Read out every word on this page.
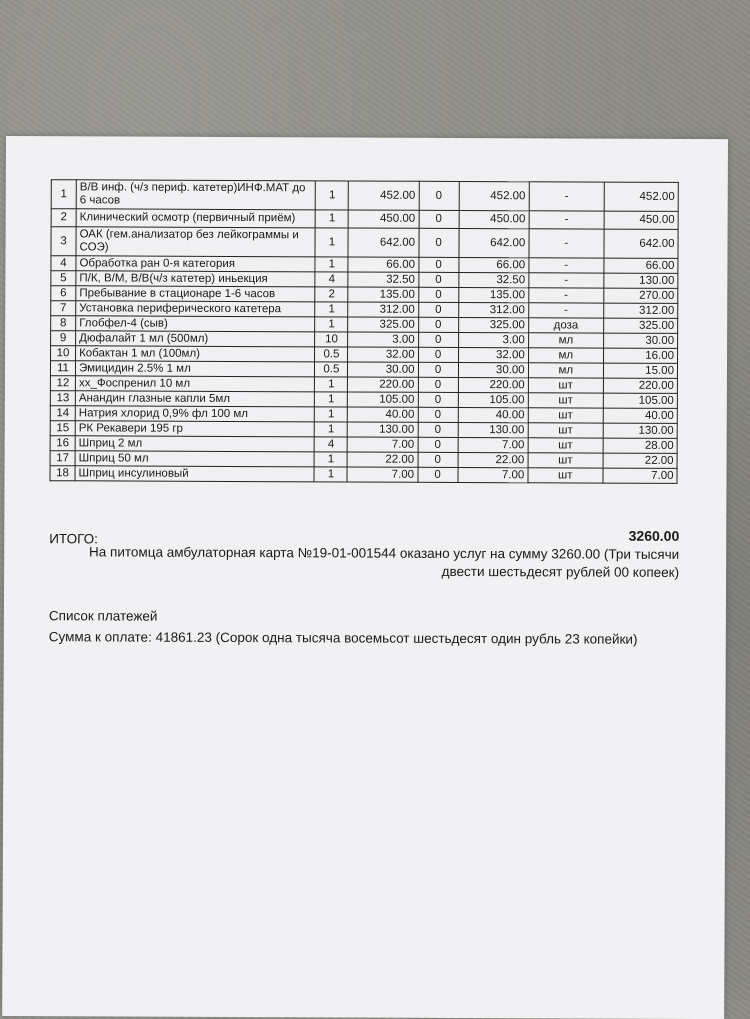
1	В/В инф. (ч/з периф. катетер)ИНФ.МАТ до 6 часов	1	452.00	0	452.00	-	452.00
2	Клинический осмотр (первичный приём)	1	450.00	0	450.00	-	450.00
3	ОАК (гем.анализатор без лейкограммы и СОЭ)	1	642.00	0	642.00	-	642.00
4	Обработка ран 0-я категория	1	66.00	0	66.00	-	66.00
5	П/К, В/М, В/В(ч/з катетер) иньекция	4	32.50	0	32.50	-	130.00
6	Пребывание в стационаре 1-6 часов	2	135.00	0	135.00	-	270.00
7	Установка периферического катетера	1	312.00	0	312.00	-	312.00
8	Глобфел-4 (сыв)	1	325.00	0	325.00	доза	325.00
9	Дюфалайт 1 мл (500мл)	10	3.00	0	3.00	мл	30.00
10	Кобактан 1 мл (100мл)	0.5	32.00	0	32.00	мл	16.00
11	Эмицидин 2.5% 1 мл	0.5	30.00	0	30.00	мл	15.00
12	хх_Фоспренил 10 мл	1	220.00	0	220.00	шт	220.00
13	Анандин глазные капли 5мл	1	105.00	0	105.00	шт	105.00
14	Натрия хлорид 0,9% фл 100 мл	1	40.00	0	40.00	шт	40.00
15	РК Рекавери 195 гр	1	130.00	0	130.00	шт	130.00
16	Шприц 2 мл	4	7.00	0	7.00	шт	28.00
17	Шприц 50 мл	1	22.00	0	22.00	шт	22.00
18	Шприц инсулиновый	1	7.00	0	7.00	шт	7.00
ИТОГО:	3260.00
На питомца амбулаторная карта №19-01-001544 оказано услуг на сумму 3260.00 (Три тысячи двести шестьдесят рублей 00 копеек)
Список платежей
Сумма к оплате: 41861.23 (Сорок одна тысяча восемьсот шестьдесят один рубль 23 копейки)
